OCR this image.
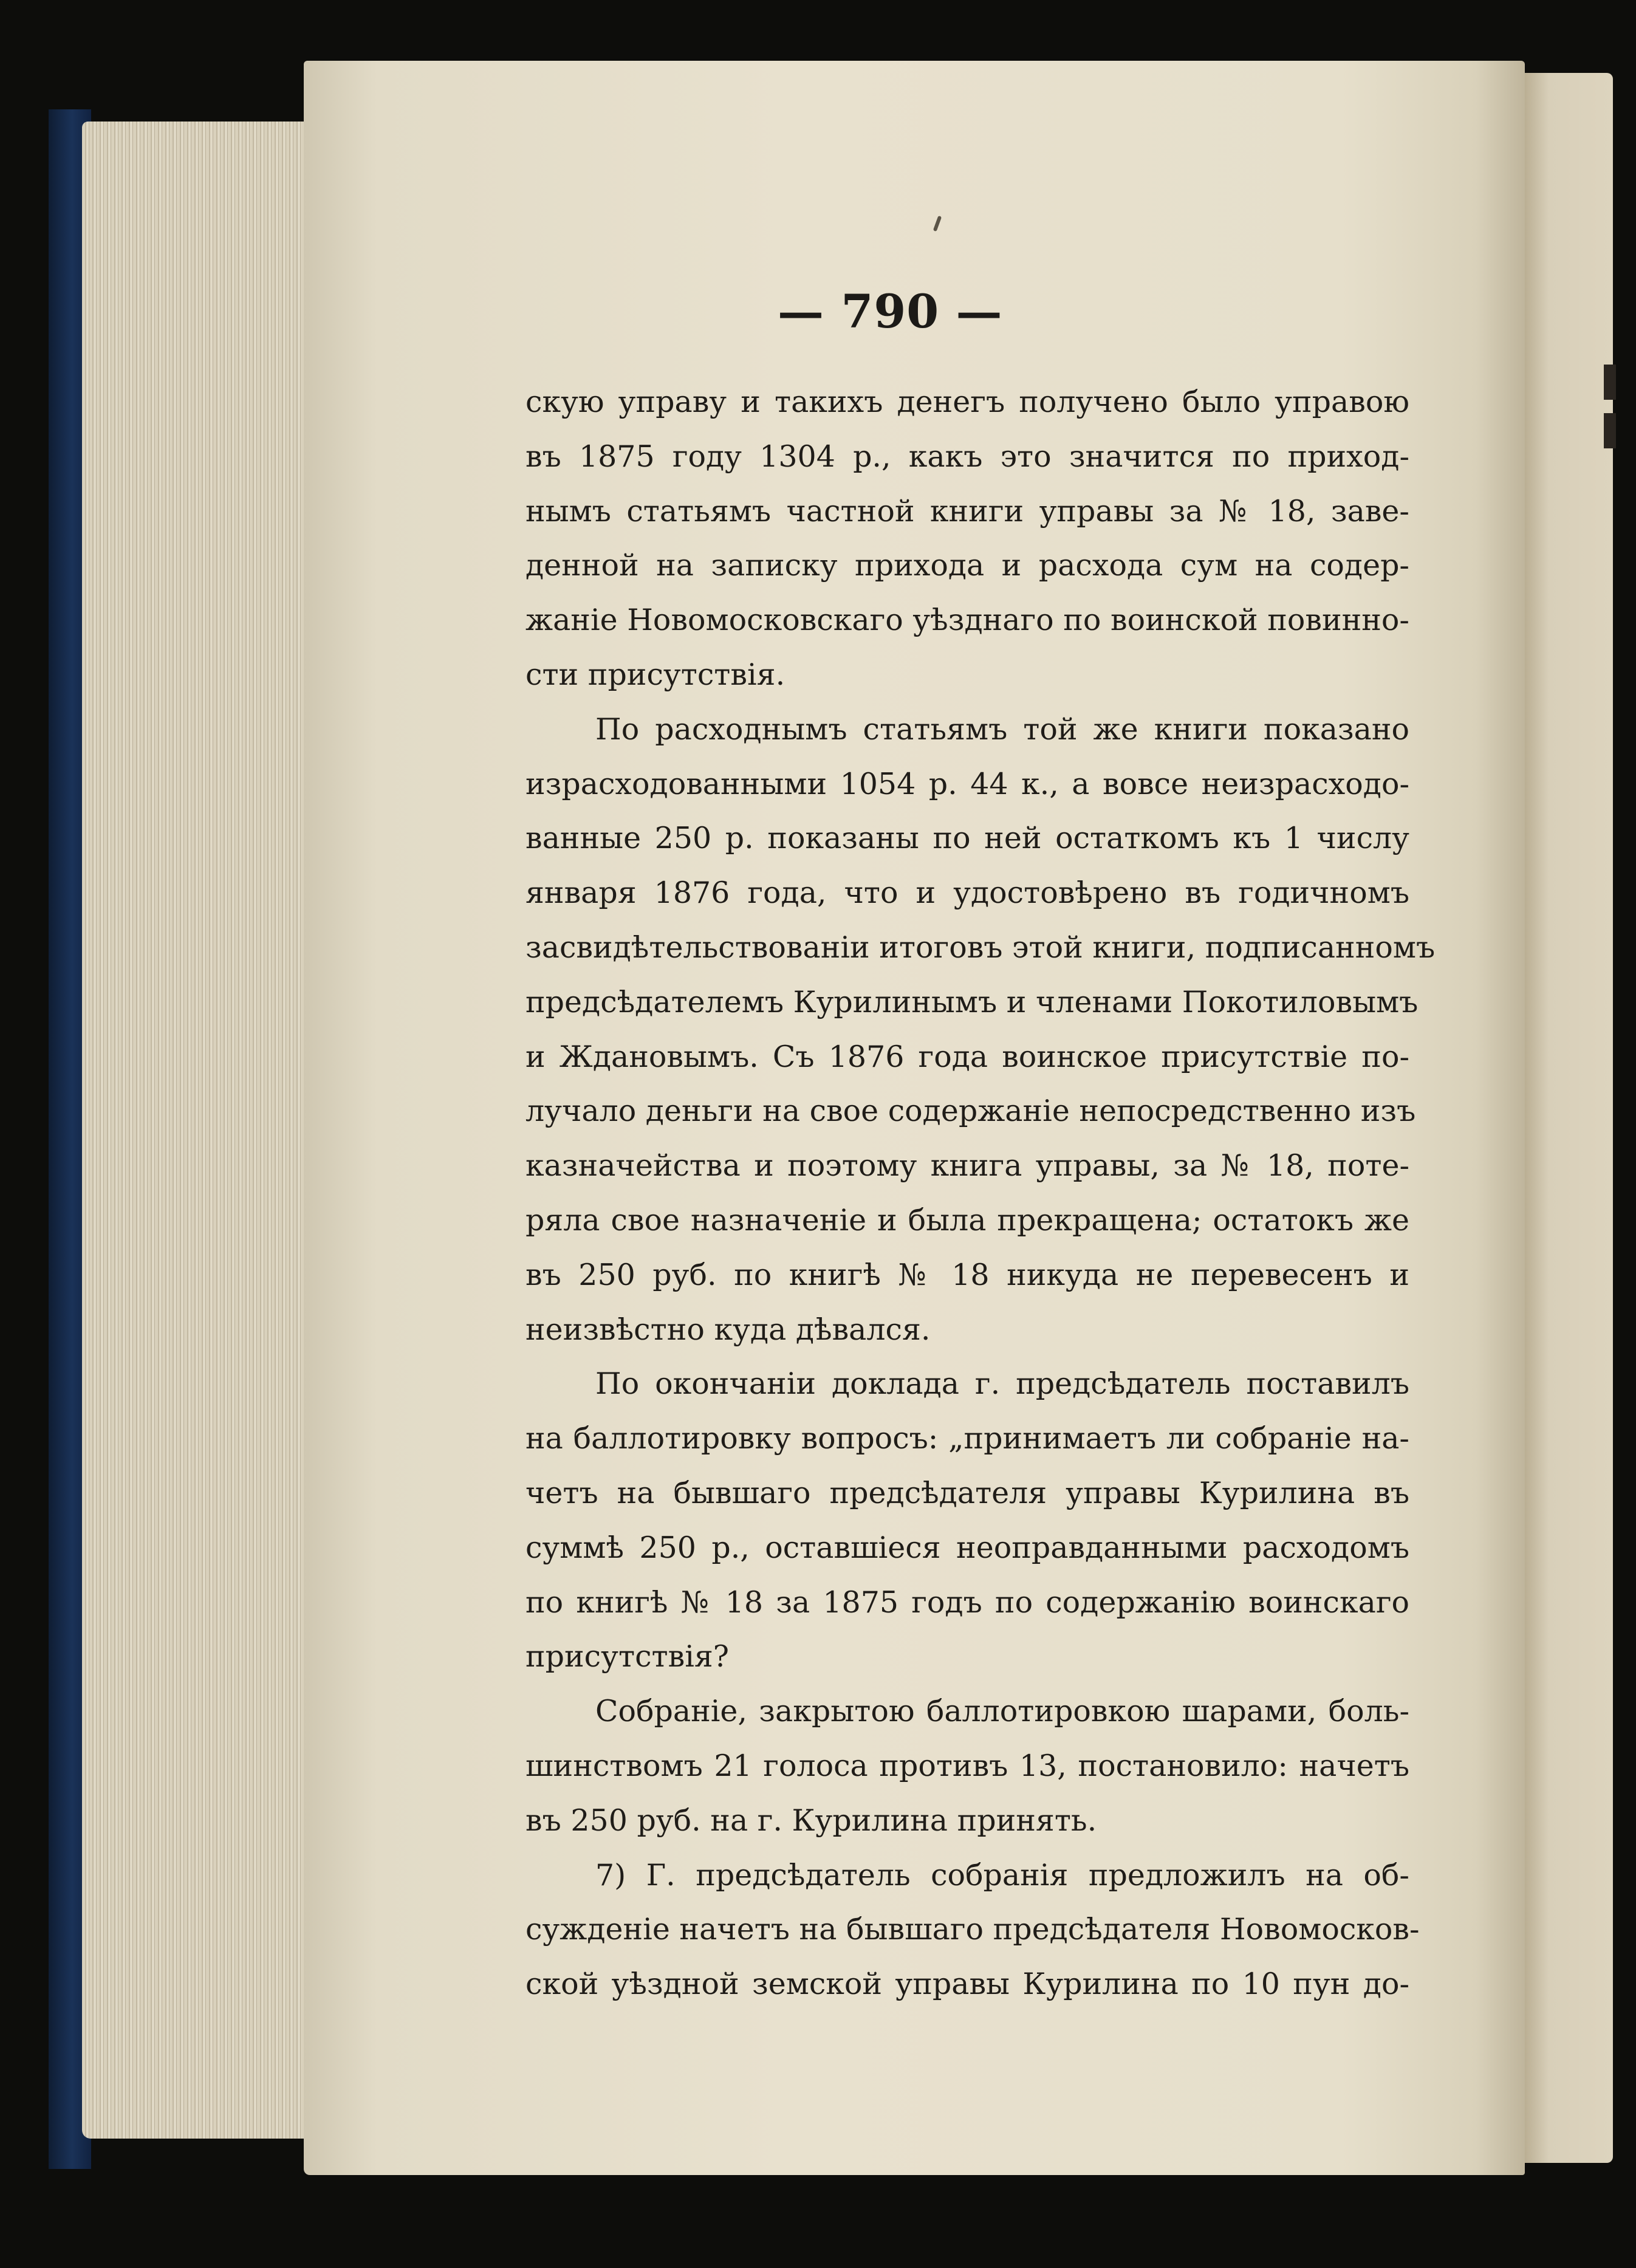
— 790 —
скую управу и такихъ денегъ получено было управою
въ 1875 году 1304 р., какъ это значится по приход-
нымъ статьямъ частной книги управы за № 18, заве-
денной на записку прихода и расхода сум на содер-
жанiе Новомосковскаго уѣзднаго по воинской повинно-
сти присутствiя.
По расходнымъ статьямъ той же книги показано
израсходованными 1054 р. 44 к., а вовсе неизрасходо-
ванные 250 р. показаны по ней остаткомъ къ 1 числу
января 1876 года, что и удостовѣрено въ годичномъ
засвидѣтельствованiи итоговъ этой книги, подписанномъ
предсѣдателемъ Курилинымъ и членами Покотиловымъ
и Ждановымъ. Съ 1876 года воинское присутствiе по-
лучало деньги на свое содержанiе непосредственно изъ
казначейства и поэтому книга управы, за № 18, поте-
ряла свое назначенiе и была прекращена; остатокъ же
въ 250 руб. по книгѣ № 18 никуда не перевесенъ и
неизвѣстно куда дѣвался.
По окончанiи доклада г. предсѣдатель поставилъ
на баллотировку вопросъ: „принимаетъ ли собранiе на-
четъ на бывшаго предсѣдателя управы Курилина въ
суммѣ 250 р., оставшiеся неоправданными расходомъ
по книгѣ № 18 за 1875 годъ по содержанiю воинскаго
присутствiя?
Собранiе, закрытою баллотировкою шарами, боль-
шинствомъ 21 голоса противъ 13, постановило: начетъ
въ 250 руб. на г. Курилина принять.
7) Г. предсѣдатель собранiя предложилъ на об-
сужденiе начетъ на бывшаго предсѣдателя Новомосков-
ской уѣздной земской управы Курилина по 10 пун до-
